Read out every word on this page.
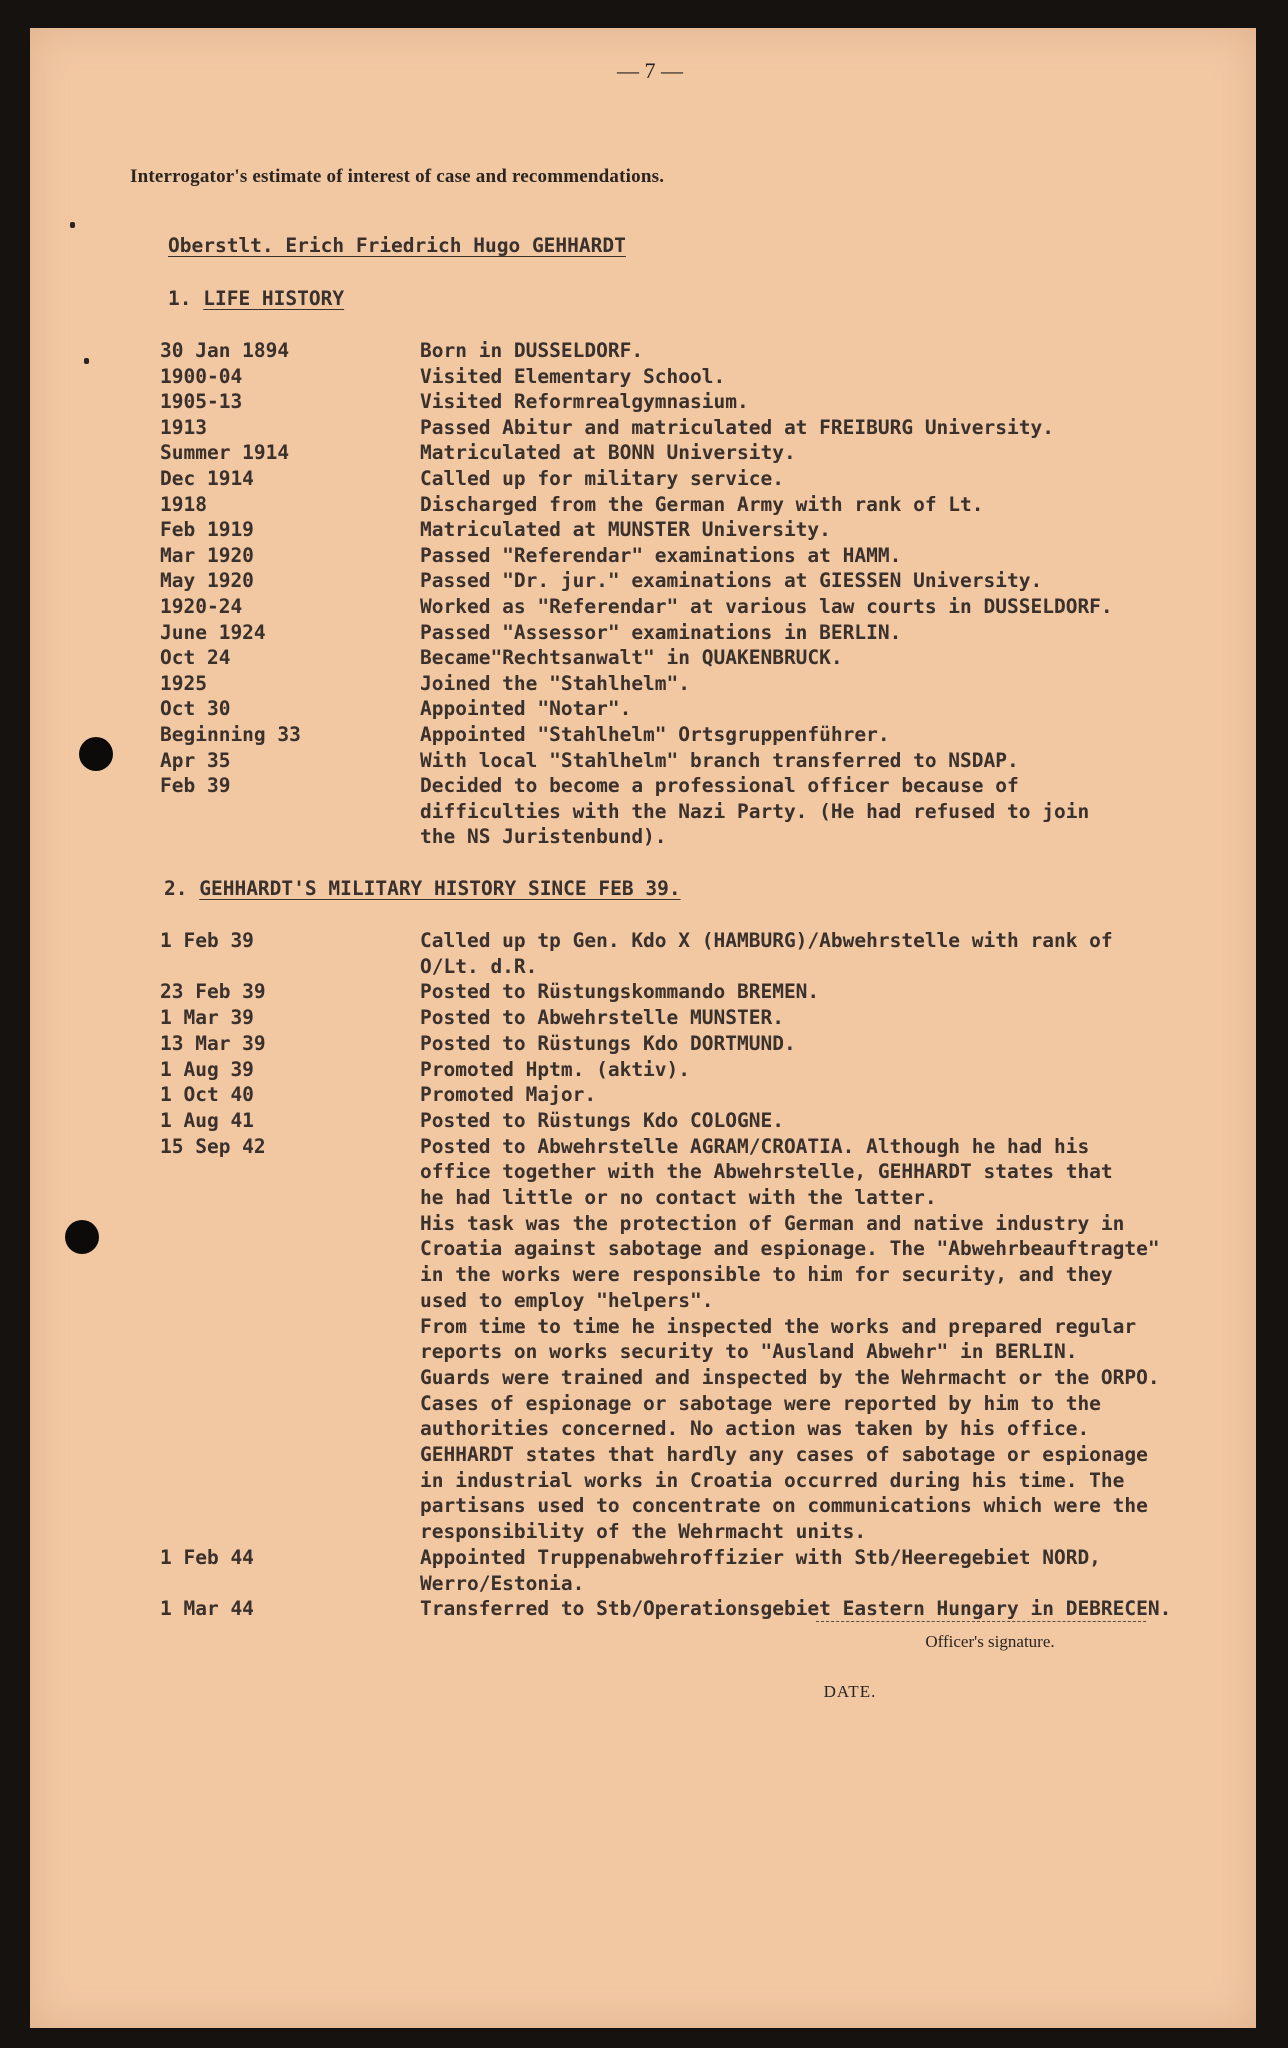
— 7 —
Interrogator's estimate of interest of case and recommendations.
Oberstlt. Erich Friedrich Hugo GEHHARDT
1. LIFE HISTORY
30 Jan 1894	Born in DUSSELDORF.
1900-04	Visited Elementary School.
1905-13	Visited Reformrealgymnasium.
1913	Passed Abitur and matriculated at FREIBURG University.
Summer 1914	Matriculated at BONN University.
Dec 1914	Called up for military service.
1918	Discharged from the German Army with rank of Lt.
Feb 1919	Matriculated at MUNSTER University.
Mar 1920	Passed "Referendar" examinations at HAMM.
May 1920	Passed "Dr. jur." examinations at GIESSEN University.
1920-24	Worked as "Referendar" at various law courts in DUSSELDORF.
June 1924	Passed "Assessor" examinations in BERLIN.
Oct 24	Became"Rechtsanwalt" in QUAKENBRUCK.
1925	Joined the "Stahlhelm".
Oct 30	Appointed "Notar".
Beginning 33	Appointed "Stahlhelm" Ortsgruppenführer.
Apr 35	With local "Stahlhelm" branch transferred to NSDAP.
Feb 39	Decided to become a professional officer because of
difficulties with the Nazi Party. (He had refused to join
the NS Juristenbund).
2. GEHHARDT'S MILITARY HISTORY SINCE FEB 39.
1 Feb 39	Called up tp Gen. Kdo X (HAMBURG)/Abwehrstelle with rank of
O/Lt. d.R.
23 Feb 39	Posted to Rüstungskommando BREMEN.
1 Mar 39	Posted to Abwehrstelle MUNSTER.
13 Mar 39	Posted to Rüstungs Kdo DORTMUND.
1 Aug 39	Promoted Hptm. (aktiv).
1 Oct 40	Promoted Major.
1 Aug 41	Posted to Rüstungs Kdo COLOGNE.
15 Sep 42	Posted to Abwehrstelle AGRAM/CROATIA. Although he had his
office together with the Abwehrstelle, GEHHARDT states that
he had little or no contact with the latter.
His task was the protection of German and native industry in
Croatia against sabotage and espionage. The "Abwehrbeauftragte"
in the works were responsible to him for security, and they
used to employ "helpers".
From time to time he inspected the works and prepared regular
reports on works security to "Ausland Abwehr" in BERLIN.
Guards were trained and inspected by the Wehrmacht or the ORPO.
Cases of espionage or sabotage were reported by him to the
authorities concerned. No action was taken by his office.
GEHHARDT states that hardly any cases of sabotage or espionage
in industrial works in Croatia occurred during his time. The
partisans used to concentrate on communications which were the
responsibility of the Wehrmacht units.
1 Feb 44	Appointed Truppenabwehroffizier with Stb/Heeregebiet NORD,
Werro/Estonia.
1 Mar 44	Transferred to Stb/Operationsgebiet Eastern Hungary in DEBRECEN.
Officer's signature.
DATE.
